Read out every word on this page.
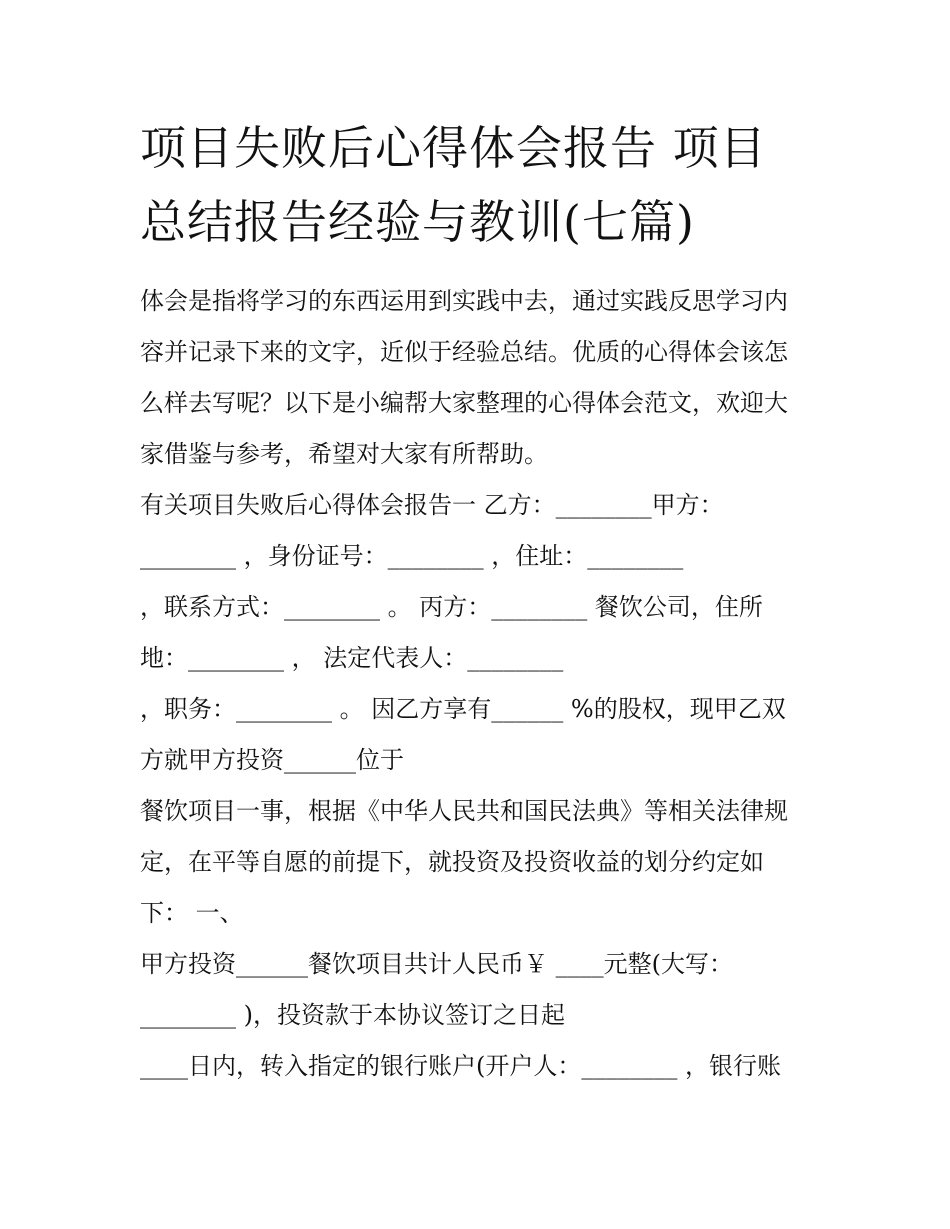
项目失败后心得体会报告 项目
总结报告经验与教训(七篇)
体会是指将学习的东西运用到实践中去，通过实践反思学习内
容并记录下来的文字，近似于经验总结。优质的心得体会该怎
么样去写呢？以下是小编帮大家整理的心得体会范文，欢迎大
家借鉴与参考，希望对大家有所帮助。
有关项目失败后心得体会报告一 乙方：________甲方：
________ ，身份证号：________ ，住址：________
，联系方式：________ 。 丙方：________ 餐饮公司，住所
地：________ ， 法定代表人：________
，职务：________ 。 因乙方享有______ %的股权，现甲乙双
方就甲方投资______位于
餐饮项目一事，根据《中华人民共和国民法典》等相关法律规
定，在平等自愿的前提下，就投资及投资收益的划分约定如
下： 一、
甲方投资______餐饮项目共计人民币￥ ____元整(大写：
________ )，投资款于本协议签订之日起
____日内，转入指定的银行账户(开户人：________ ，银行账
